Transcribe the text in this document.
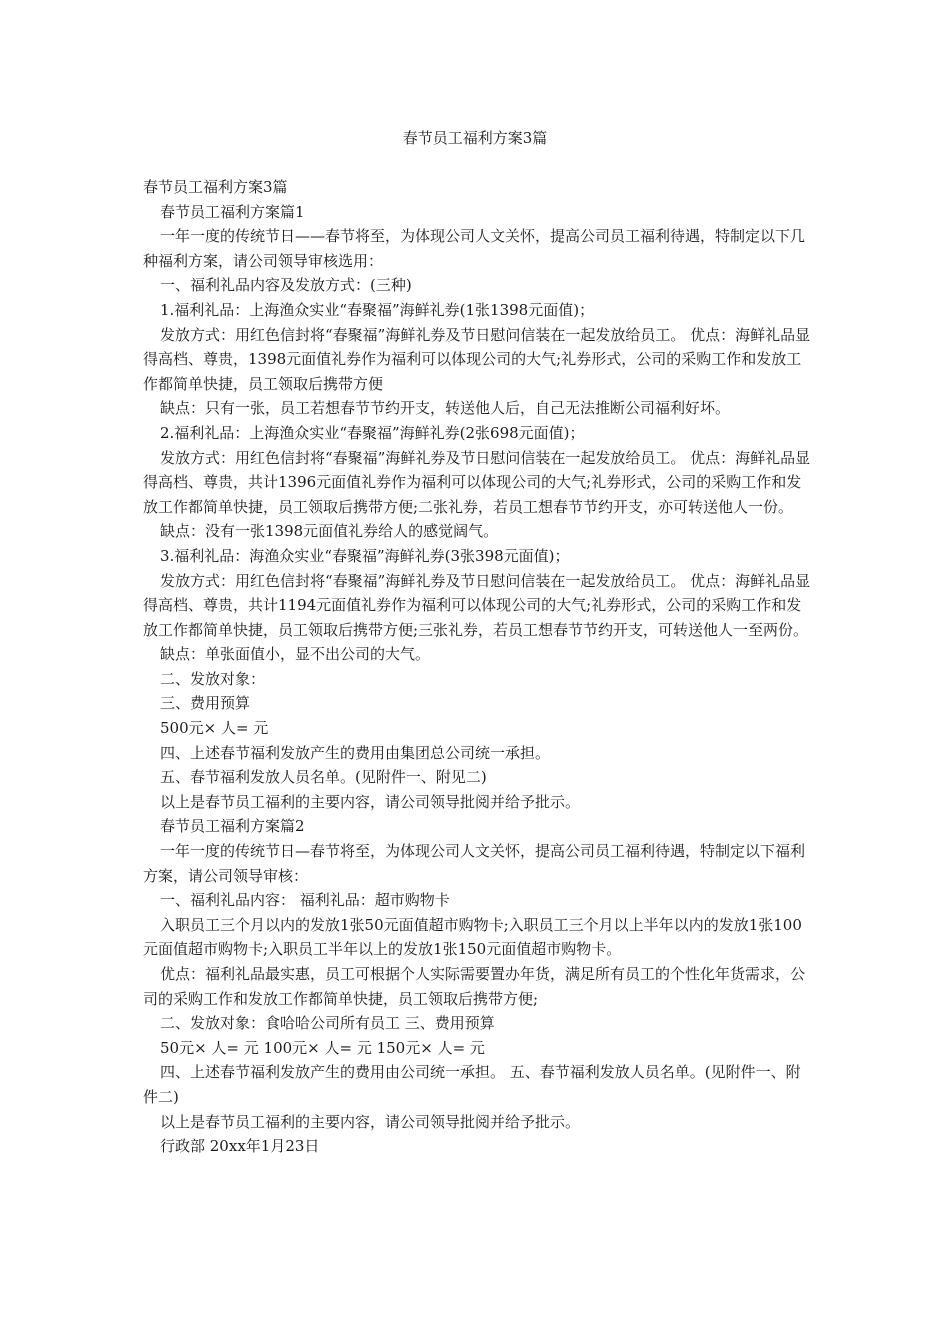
春节员工福利方案3篇

春节员工福利方案3篇

春节员工福利方案篇1

一年一度的传统节日——春节将至，为体现公司人文关怀，提高公司员工福利待遇，特制定以下几种福利方案，请公司领导审核选用：

一、福利礼品内容及发放方式：(三种)

1.福利礼品：上海渔众实业“春聚福”海鲜礼券(1张1398元面值)；

发放方式：用红色信封将“春聚福”海鲜礼券及节日慰问信装在一起发放给员工。 优点：海鲜礼品显得高档、尊贵，1398元面值礼券作为福利可以体现公司的大气;礼券形式，公司的采购工作和发放工作都简单快捷，员工领取后携带方便

缺点：只有一张，员工若想春节节约开支，转送他人后，自己无法推断公司福利好坏。

2.福利礼品：上海渔众实业“春聚福”海鲜礼券(2张698元面值)；

发放方式：用红色信封将“春聚福”海鲜礼券及节日慰问信装在一起发放给员工。 优点：海鲜礼品显得高档、尊贵，共计1396元面值礼券作为福利可以体现公司的大气;礼券形式，公司的采购工作和发放工作都简单快捷，员工领取后携带方便;二张礼券，若员工想春节节约开支，亦可转送他人一份。

缺点：没有一张1398元面值礼券给人的感觉阔气。

3.福利礼品：海渔众实业“春聚福”海鲜礼券(3张398元面值)；

发放方式：用红色信封将“春聚福”海鲜礼券及节日慰问信装在一起发放给员工。 优点：海鲜礼品显得高档、尊贵，共计1194元面值礼券作为福利可以体现公司的大气;礼券形式，公司的采购工作和发放工作都简单快捷，员工领取后携带方便;三张礼券，若员工想春节节约开支，可转送他人一至两份。

缺点：单张面值小，显不出公司的大气。

二、发放对象：

三、费用预算

500元× 人= 元

四、上述春节福利发放产生的费用由集团总公司统一承担。

五、春节福利发放人员名单。(见附件一、附见二)

以上是春节员工福利的主要内容，请公司领导批阅并给予批示。

春节员工福利方案篇2

一年一度的传统节日—春节将至，为体现公司人文关怀，提高公司员工福利待遇，特制定以下福利方案，请公司领导审核：

一、福利礼品内容： 福利礼品：超市购物卡

入职员工三个月以内的发放1张50元面值超市购物卡;入职员工三个月以上半年以内的发放1张100元面值超市购物卡;入职员工半年以上的发放1张150元面值超市购物卡。

优点：福利礼品最实惠，员工可根据个人实际需要置办年货，满足所有员工的个性化年货需求，公司的采购工作和发放工作都简单快捷，员工领取后携带方便;

二、发放对象：食哈哈公司所有员工 三、费用预算

50元× 人= 元 100元× 人= 元 150元× 人= 元

四、上述春节福利发放产生的费用由公司统一承担。 五、春节福利发放人员名单。(见附件一、附件二)

以上是春节员工福利的主要内容，请公司领导批阅并给予批示。

行政部 20xx年1月23日
